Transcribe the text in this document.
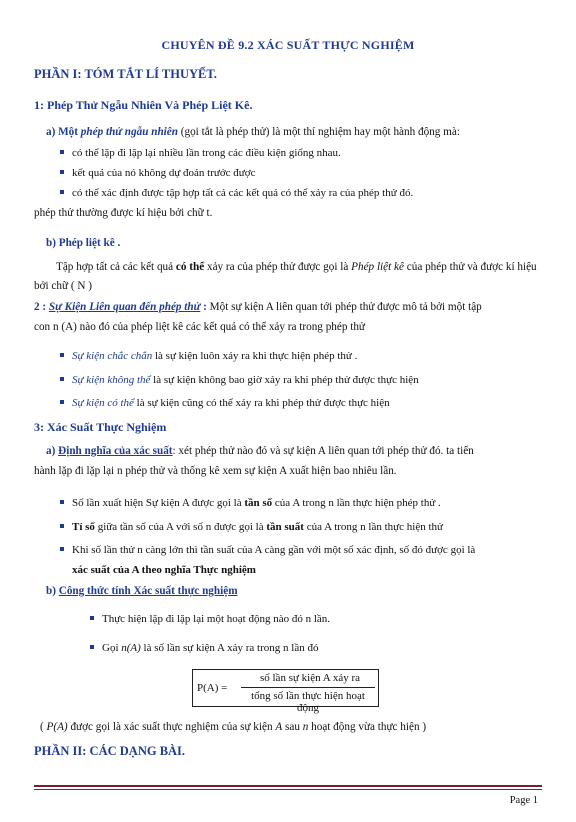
CHUYÊN ĐỀ 9.2 XÁC SUẤT THỰC NGHIỆM
PHẦN I: TÓM TẮT LÍ THUYẾT.
1: Phép Thử Ngẫu Nhiên Và Phép Liệt Kê.
a) Một phép thử ngẫu nhiên (gọi tắt là phép thử) là một thí nghiệm hay một hành động mà:
có thể lặp đi lặp lại nhiều lần trong các điều kiện giống nhau.
kết quả của nó không dự đoán trước được
có thể xác định được tập hợp tất cả các kết quả có thể xảy ra của phép thử đó.
phép thử thường được kí hiệu bởi chữ t.
b) Phép liệt kê .
Tập hợp tất cả các kết quả có thể xảy ra của phép thử được gọi là Phép liệt kê của phép thử và được kí hiệu
bởi chữ ( N )
2 : Sự Kiện Liên quan đến phép thử : Một sự kiện A liên quan tới phép thử được mô tả bởi một tập
con n (A) nào đó của phép liệt kê các kết quả có thể xảy ra trong phép thử
Sự kiện chắc chắn là sự kiện luôn xảy ra khi thực hiện phép thử .
Sự kiện không thể là sự kiện không bao giờ xảy ra khi phép thử được thực hiện
Sự kiện có thể là sự kiện cũng có thể xảy ra khi phép thử được thực hiện
3: Xác Suất Thực Nghiệm
a) Định nghĩa của xác suất: xét phép thử nào đó và sự kiện A liên quan tới phép thử đó. ta tiến
hành lặp đi lặp lại n phép thử và thống kê xem sự kiện A xuất hiện bao nhiêu lần.
Số lần xuất hiện Sự kiện A được gọi là tần số của A trong n lần thực hiện phép thử .
Tỉ số giữa tần số của A với số n được gọi là tần suất của A trong n lần thực hiện thử
Khi số lần thử n càng lớn thì tần suất của A càng gần với một số xác định, số đó được gọi là
xác suất của A theo nghĩa Thực nghiệm
b) Công thức tính Xác suất thực nghiệm
Thực hiện lặp đi lặp lại một hoạt động nào đó n lần.
Gọi n(A) là số lần sự kiện A xảy ra trong n lần đó
P(A) =
số lần sự kiện A xảy ra
tổng số lần thực hiện hoạt động
( P(A) được gọi là xác suất thực nghiệm của sự kiện A sau n hoạt động vừa thực hiện )
PHẦN II: CÁC DẠNG BÀI.
Page 1
